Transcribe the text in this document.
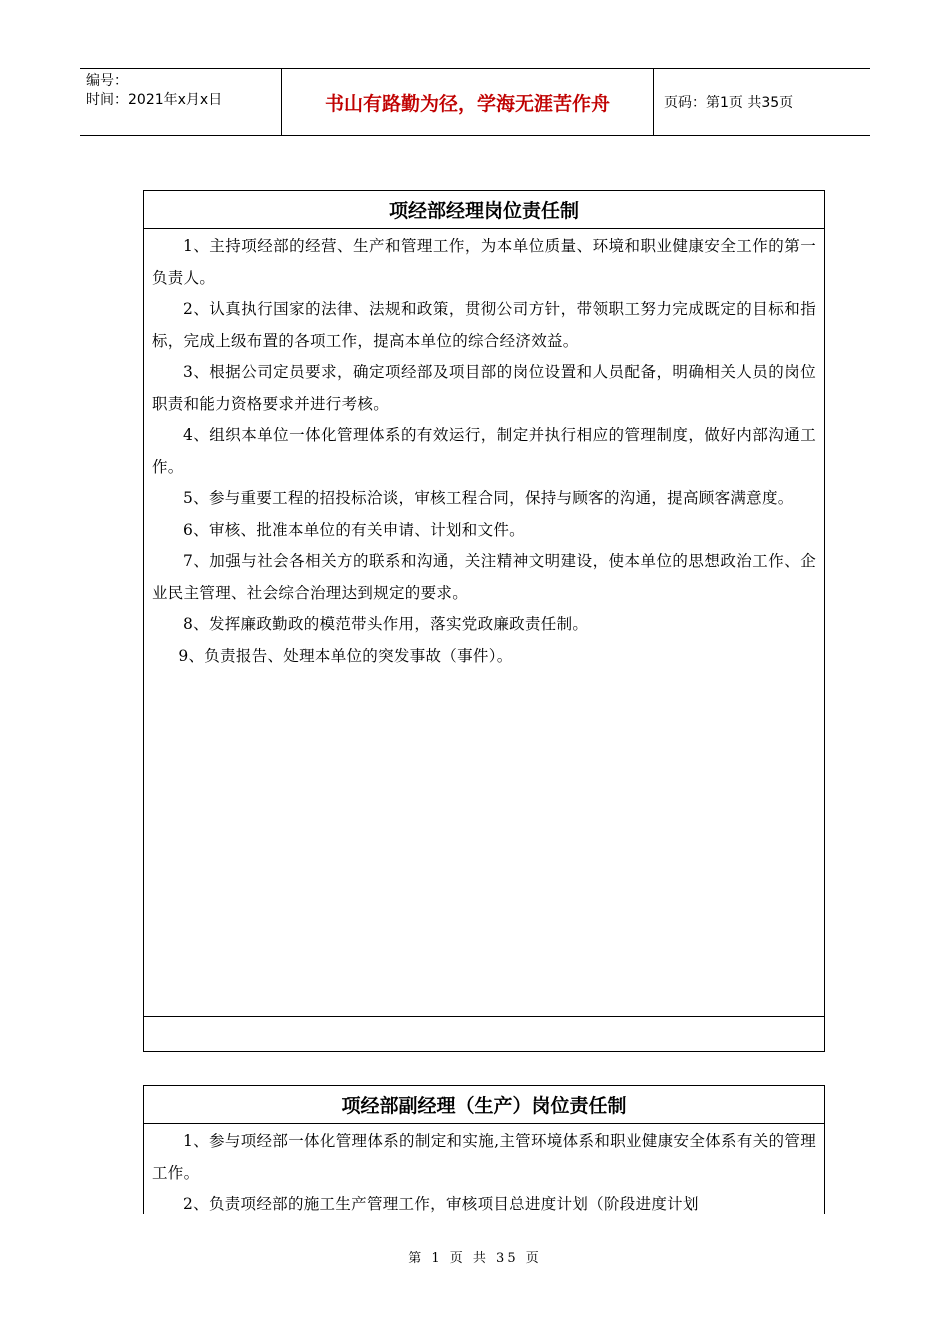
编号：
时间：2021年x月x日	书山有路勤为径，学海无涯苦作舟	页码：第1页 共35页
项经部经理岗位责任制

1、主持项经部的经营、生产和管理工作，为本单位质量、环境和职业健康安全工作的第一负责人。

2、认真执行国家的法律、法规和政策，贯彻公司方针，带领职工努力完成既定的目标和指标，完成上级布置的各项工作，提高本单位的综合经济效益。

3、根据公司定员要求，确定项经部及项目部的岗位设置和人员配备，明确相关人员的岗位职责和能力资格要求并进行考核。

4、组织本单位一体化管理体系的有效运行，制定并执行相应的管理制度，做好内部沟通工作。

5、参与重要工程的招投标洽谈，审核工程合同，保持与顾客的沟通，提高顾客满意度。

6、审核、批准本单位的有关申请、计划和文件。

7、加强与社会各相关方的联系和沟通，关注精神文明建设，使本单位的思想政治工作、企业民主管理、社会综合治理达到规定的要求。

8、发挥廉政勤政的模范带头作用，落实党政廉政责任制。

9、负责报告、处理本单位的突发事故（事件）。

项经部副经理（生产）岗位责任制

1、参与项经部一体化管理体系的制定和实施,主管环境体系和职业健康安全体系有关的管理工作。

2、负责项经部的施工生产管理工作，审核项目总进度计划（阶段进度计划

第 1 页 共 35 页
